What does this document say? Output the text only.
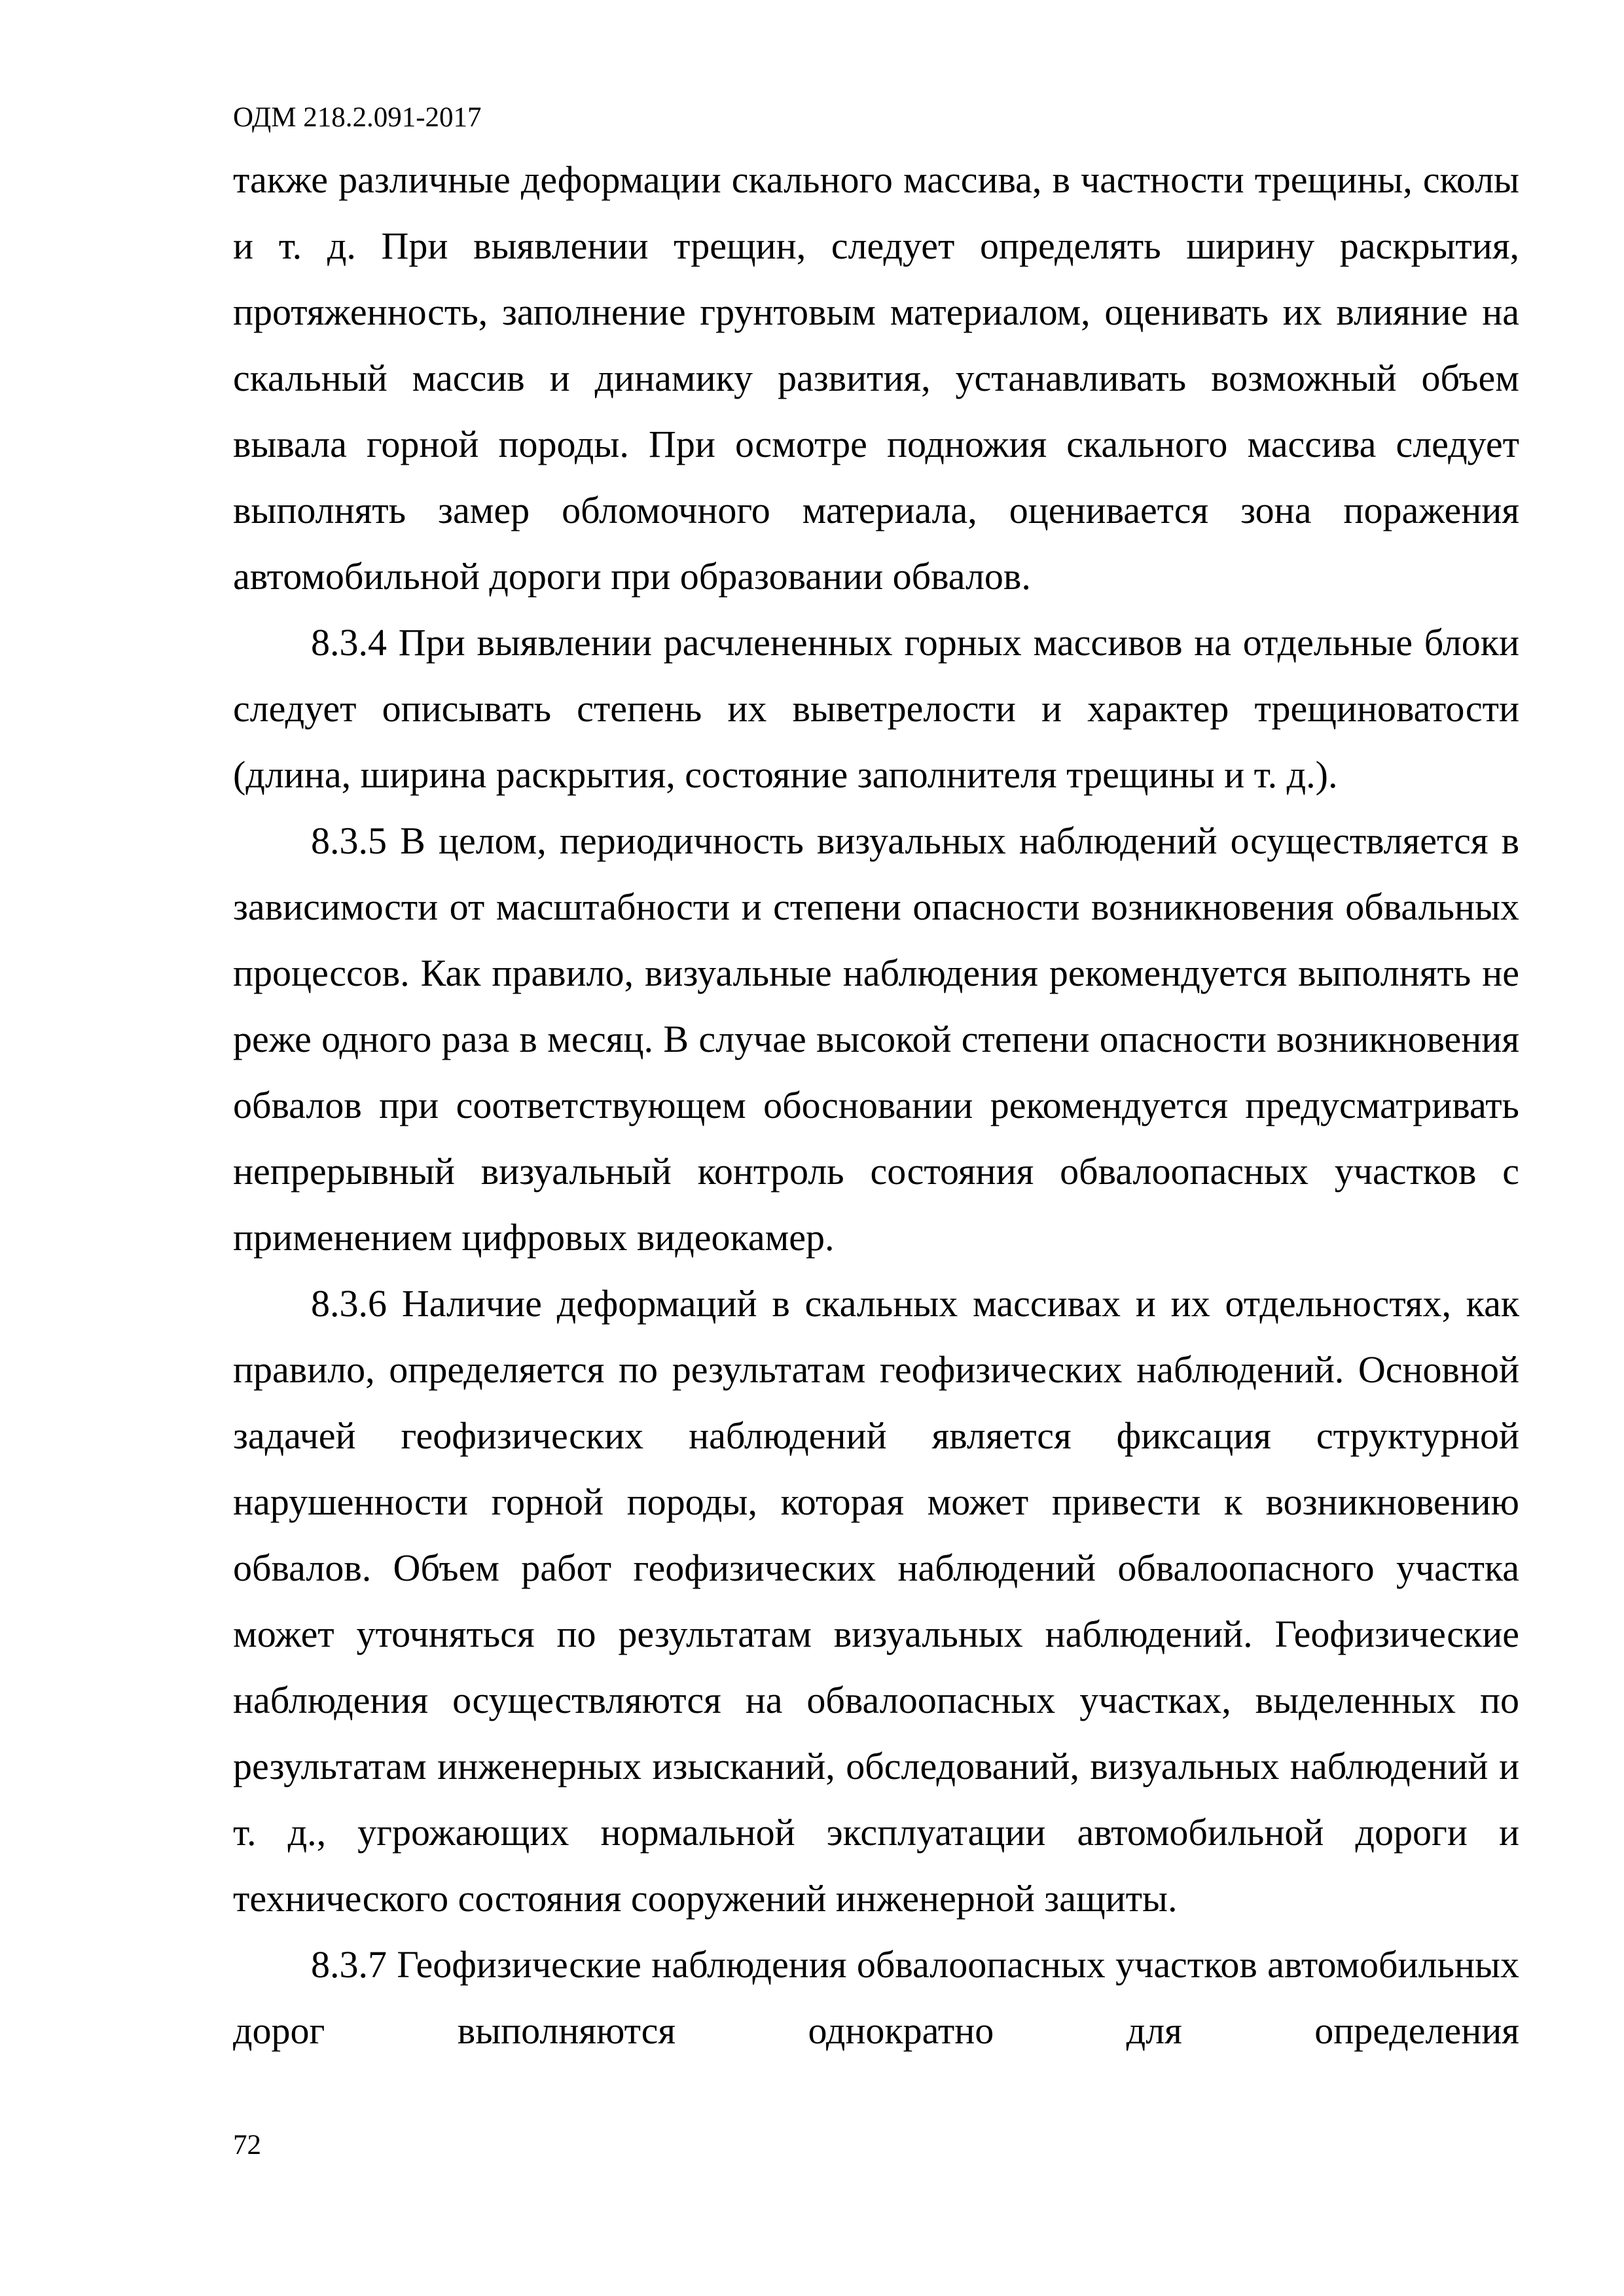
ОДМ 218.2.091-2017

также различные деформации скального массива, в частности трещины, сколы и т. д. При выявлении трещин, следует определять ширину раскрытия, протяженность, заполнение грунтовым материалом, оценивать их влияние на скальный массив и динамику развития, устанавливать возможный объем вывала горной породы. При осмотре подножия скального массива следует выполнять замер обломочного материала, оценивается зона поражения автомобильной дороги при образовании обвалов.

8.3.4 При выявлении расчлененных горных массивов на отдельные блоки следует описывать степень их выветрелости и характер трещиноватости (длина, ширина раскрытия, состояние заполнителя трещины и т. д.).

8.3.5 В целом, периодичность визуальных наблюдений осуществляется в зависимости от масштабности и степени опасности возникновения обвальных процессов. Как правило, визуальные наблюдения рекомендуется выполнять не реже одного раза в месяц. В случае высокой степени опасности возникновения обвалов при соответствующем обосновании рекомендуется предусматривать непрерывный визуальный контроль состояния обвалоопасных участков с применением цифровых видеокамер.

8.3.6 Наличие деформаций в скальных массивах и их отдельностях, как правило, определяется по результатам геофизических наблюдений. Основной задачей геофизических наблюдений является фиксация структурной нарушенности горной породы, которая может привести к возникновению обвалов. Объем работ геофизических наблюдений обвалоопасного участка может уточняться по результатам визуальных наблюдений. Геофизические наблюдения осуществляются на обвалоопасных участках, выделенных по результатам инженерных изысканий, обследований, визуальных наблюдений и т. д., угрожающих нормальной эксплуатации автомобильной дороги и технического состояния сооружений инженерной защиты.

8.3.7 Геофизические наблюдения обвалоопасных участков автомобильных дорог выполняются однократно для определения

72
